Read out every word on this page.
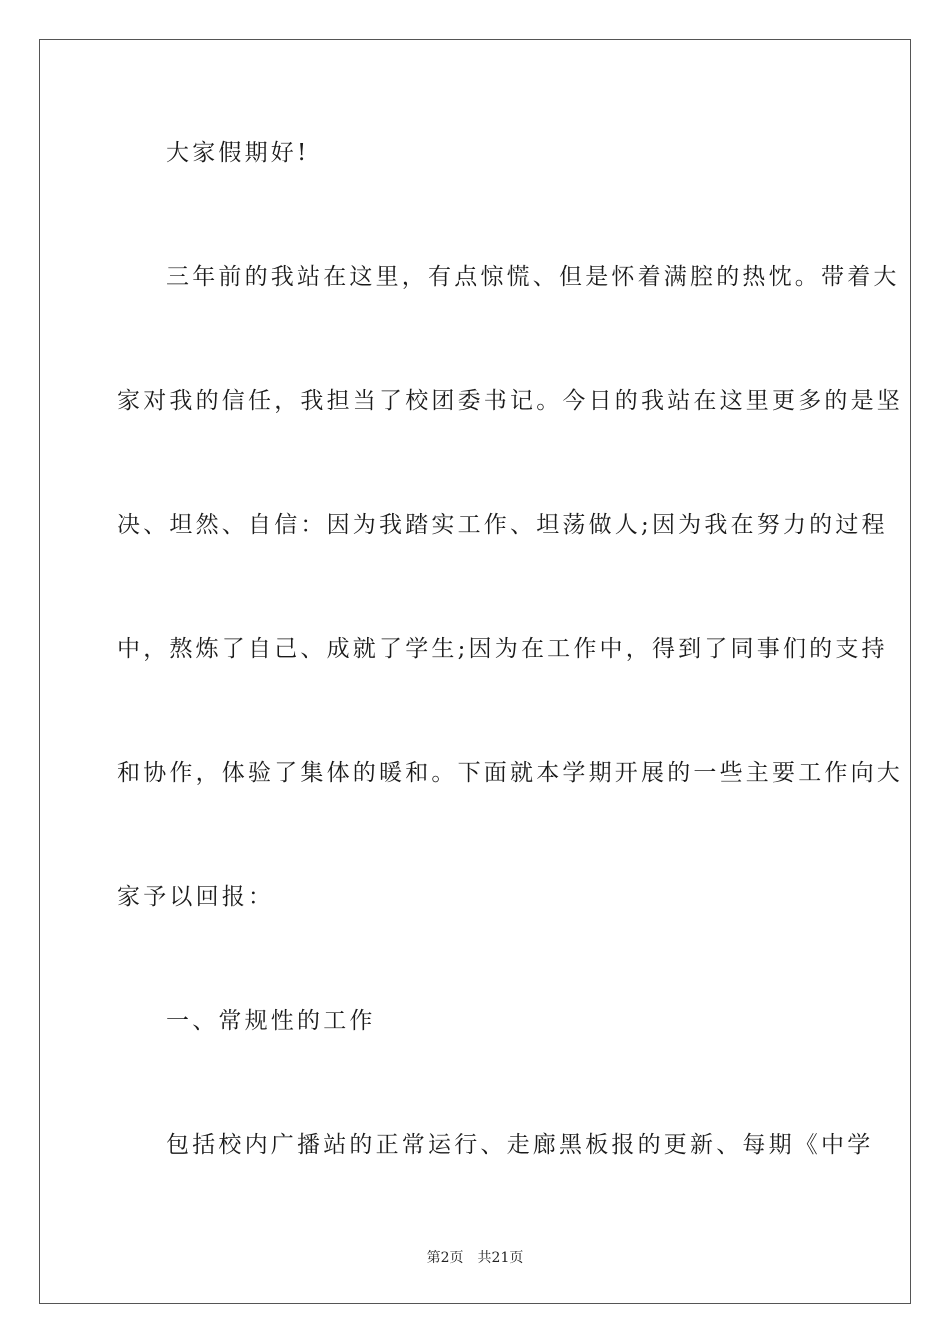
大家假期好!

三年前的我站在这里，有点惊慌、但是怀着满腔的热忱。带着大

家对我的信任，我担当了校团委书记。今日的我站在这里更多的是坚

决、坦然、自信：因为我踏实工作、坦荡做人;因为我在努力的过程

中，熬炼了自己、成就了学生;因为在工作中，得到了同事们的支持

和协作，体验了集体的暖和。下面就本学期开展的一些主要工作向大

家予以回报：

一、常规性的工作

包括校内广播站的正常运行、走廊黑板报的更新、每期《中学

第2页 共21页
